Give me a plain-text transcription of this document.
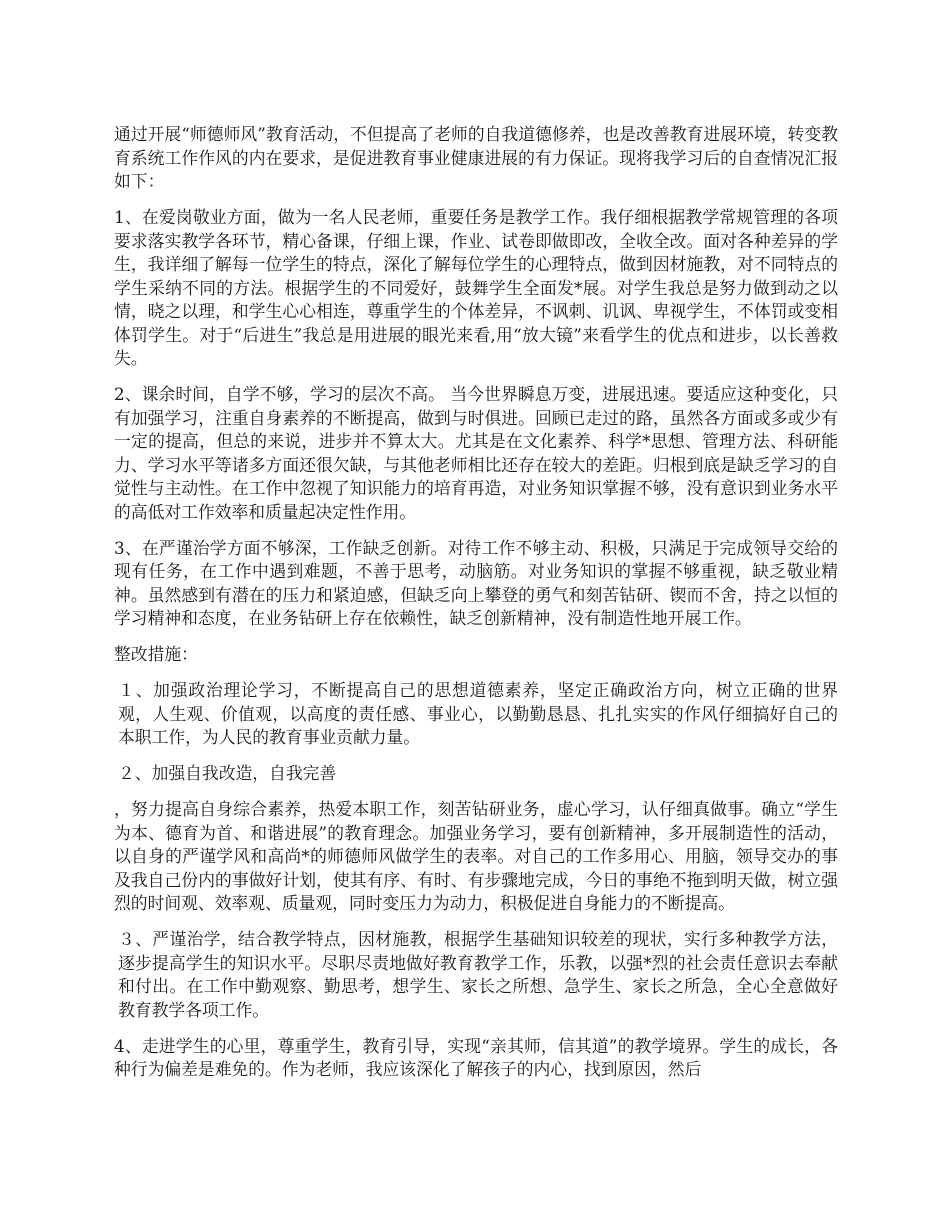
通过开展“师德师风”教育活动，不但提高了老师的自我道德修养，也是改善教育进展环境，转变教育系统工作作风的内在要求，是促进教育事业健康进展的有力保证。现将我学习后的自查情况汇报如下：

1、在爱岗敬业方面，做为一名人民老师，重要任务是教学工作。我仔细根据教学常规管理的各项要求落实教学各环节，精心备课，仔细上课，作业、试卷即做即改，全收全改。面对各种差异的学生，我详细了解每一位学生的特点，深化了解每位学生的心理特点，做到因材施教，对不同特点的学生采纳不同的方法。根据学生的不同爱好，鼓舞学生全面发*展。对学生我总是努力做到动之以情，晓之以理，和学生心心相连，尊重学生的个体差异，不讽刺、讥讽、卑视学生，不体罚或变相体罚学生。对于“后进生”我总是用进展的眼光来看,用“放大镜”来看学生的优点和进步，以长善救失。

2、课余时间，自学不够，学习的层次不高。 当今世界瞬息万变，进展迅速。要适应这种变化，只有加强学习，注重自身素养的不断提高，做到与时俱进。回顾已走过的路，虽然各方面或多或少有一定的提高，但总的来说，进步并不算太大。尤其是在文化素养、科学*思想、管理方法、科研能力、学习水平等诸多方面还很欠缺，与其他老师相比还存在较大的差距。归根到底是缺乏学习的自觉性与主动性。在工作中忽视了知识能力的培育再造，对业务知识掌握不够，没有意识到业务水平的高低对工作效率和质量起决定性作用。

3、在严谨治学方面不够深，工作缺乏创新。对待工作不够主动、积极，只满足于完成领导交给的现有任务，在工作中遇到难题，不善于思考，动脑筋。对业务知识的掌握不够重视，缺乏敬业精神。虽然感到有潜在的压力和紧迫感，但缺乏向上攀登的勇气和刻苦钻研、锲而不舍，持之以恒的学习精神和态度，在业务钻研上存在依赖性，缺乏创新精神，没有制造性地开展工作。

整改措施：

１、加强政治理论学习，不断提高自己的思想道德素养，坚定正确政治方向，树立正确的世界观，人生观、价值观，以高度的责任感、事业心，以勤勤恳恳、扎扎实实的作风仔细搞好自己的本职工作，为人民的教育事业贡献力量。

２、加强自我改造，自我完善

，努力提高自身综合素养，热爱本职工作，刻苦钻研业务，虚心学习，认仔细真做事。确立“学生为本、德育为首、和谐进展”的教育理念。加强业务学习，要有创新精神，多开展制造性的活动，以自身的严谨学风和高尚*的师德师风做学生的表率。对自己的工作多用心、用脑，领导交办的事及我自己份内的事做好计划，使其有序、有时、有步骤地完成，今日的事绝不拖到明天做，树立强烈的时间观、效率观、质量观，同时变压力为动力，积极促进自身能力的不断提高。

３、严谨治学，结合教学特点，因材施教，根据学生基础知识较差的现状，实行多种教学方法，逐步提高学生的知识水平。尽职尽责地做好教育教学工作，乐教，以强*烈的社会责任意识去奉献和付出。在工作中勤观察、勤思考，想学生、家长之所想、急学生、家长之所急，全心全意做好教育教学各项工作。

4、走进学生的心里，尊重学生，教育引导，实现“亲其师，信其道”的教学境界。学生的成长，各种行为偏差是难免的。作为老师，我应该深化了解孩子的内心，找到原因，然后
